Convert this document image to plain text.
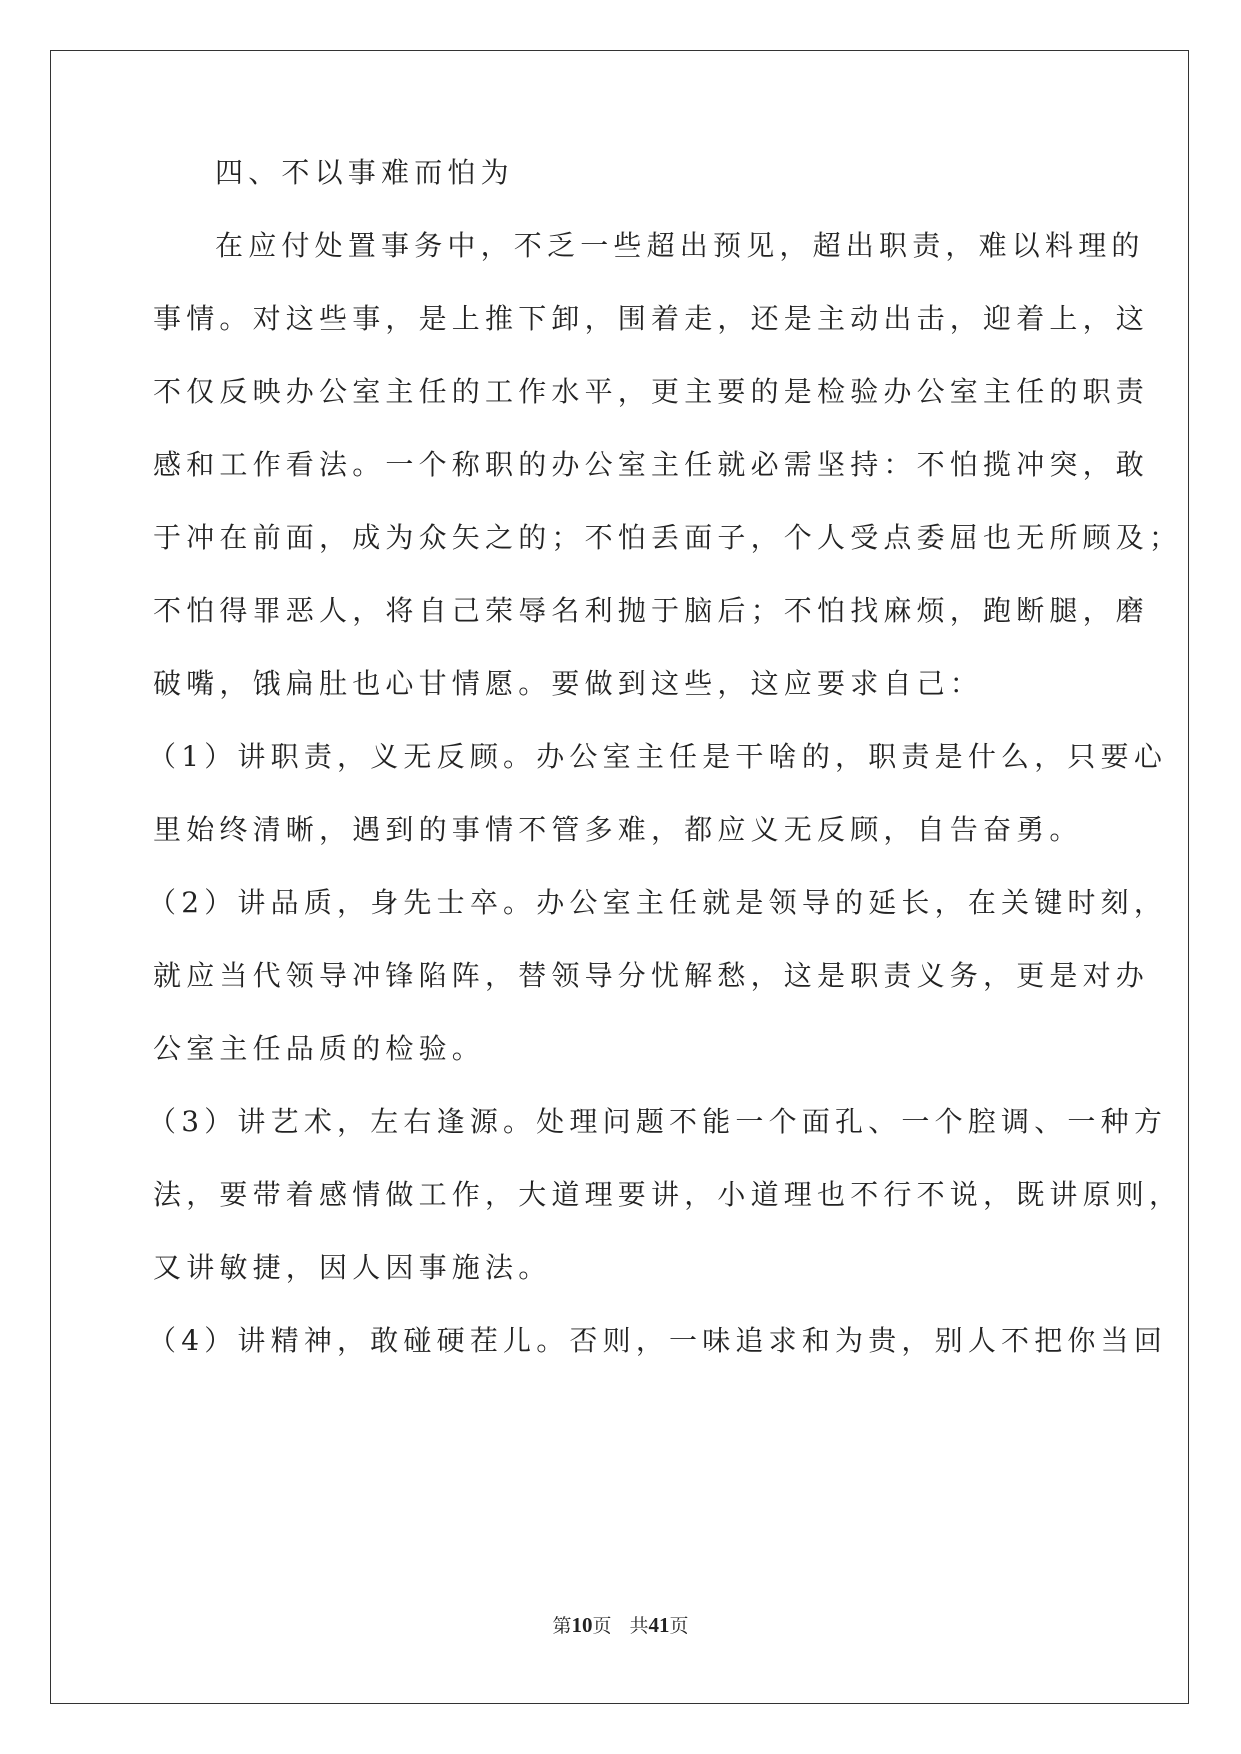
四、不以事难而怕为

在应付处置事务中，不乏一些超出预见，超出职责，难以料理的

事情。对这些事，是上推下卸，围着走，还是主动出击，迎着上，这

不仅反映办公室主任的工作水平，更主要的是检验办公室主任的职责

感和工作看法。一个称职的办公室主任就必需坚持：不怕揽冲突，敢

于冲在前面，成为众矢之的；不怕丢面子，个人受点委屈也无所顾及；

不怕得罪恶人，将自己荣辱名利抛于脑后；不怕找麻烦，跑断腿，磨

破嘴，饿扁肚也心甘情愿。要做到这些，这应要求自己：

（1）讲职责，义无反顾。办公室主任是干啥的，职责是什么，只要心

里始终清晰，遇到的事情不管多难，都应义无反顾，自告奋勇。

（2）讲品质，身先士卒。办公室主任就是领导的延长，在关键时刻，

就应当代领导冲锋陷阵，替领导分忧解愁，这是职责义务，更是对办

公室主任品质的检验。

（3）讲艺术，左右逢源。处理问题不能一个面孔、一个腔调、一种方

法，要带着感情做工作，大道理要讲，小道理也不行不说，既讲原则，

又讲敏捷，因人因事施法。

（4）讲精神，敢碰硬茬儿。否则，一味追求和为贵，别人不把你当回

第10页 共41页
